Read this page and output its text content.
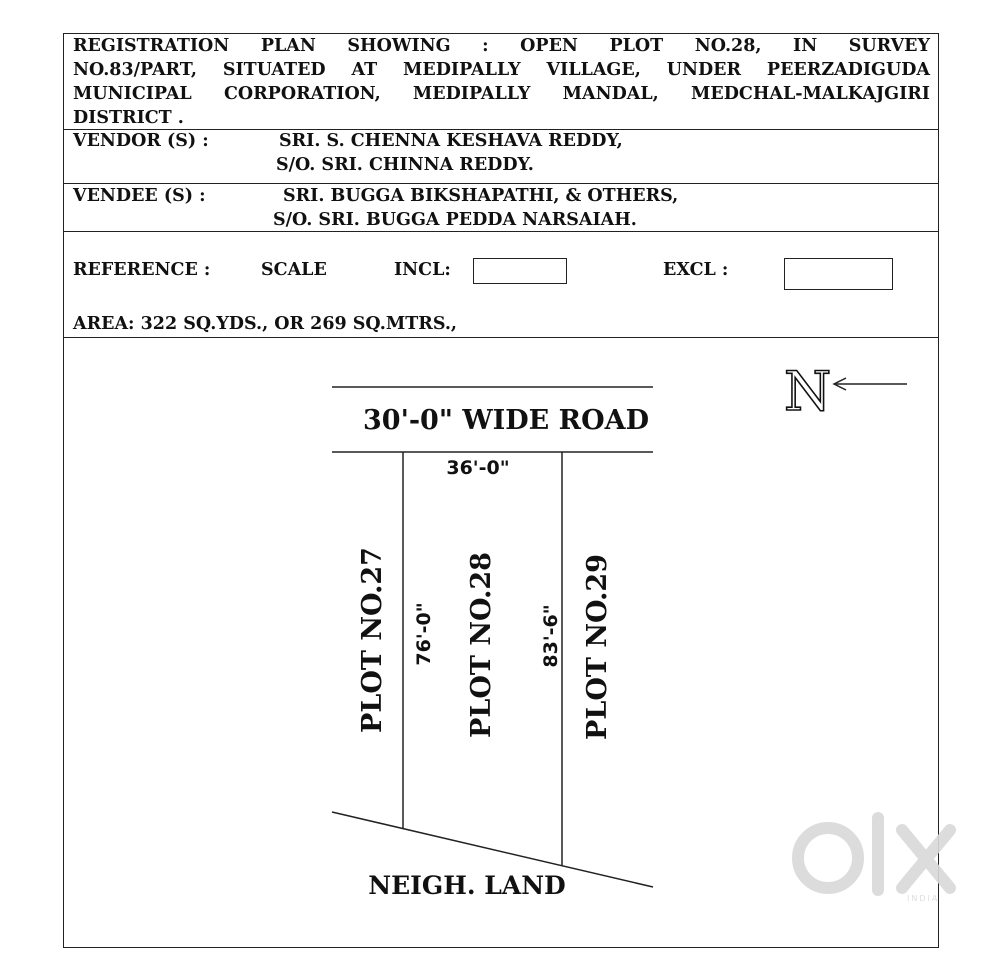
REGISTRATION PLAN SHOWING : OPEN PLOT NO.28, IN SURVEY
NO.83/PART, SITUATED AT MEDIPALLY VILLAGE, UNDER PEERZADIGUDA
MUNICIPAL CORPORATION, MEDIPALLY MANDAL, MEDCHAL-MALKAJGIRI
DISTRICT .
VENDOR (S) :	SRI. S. CHENNA KESHAVA REDDY,
S/O. SRI. CHINNA REDDY.
VENDEE (S) :	SRI. BUGGA BIKSHAPATHI, & OTHERS,
S/O. SRI. BUGGA PEDDA NARSAIAH.
REFERENCE :	SCALE	INCL:	EXCL :
AREA: 322 SQ.YDS., OR 269 SQ.MTRS.,
INDIA
30'-0" WIDE ROAD
36'-0"
PLOT NO.27	PLOT NO.28	PLOT NO.29
76'-0"	83'-6"
NEIGH. LAND
N
